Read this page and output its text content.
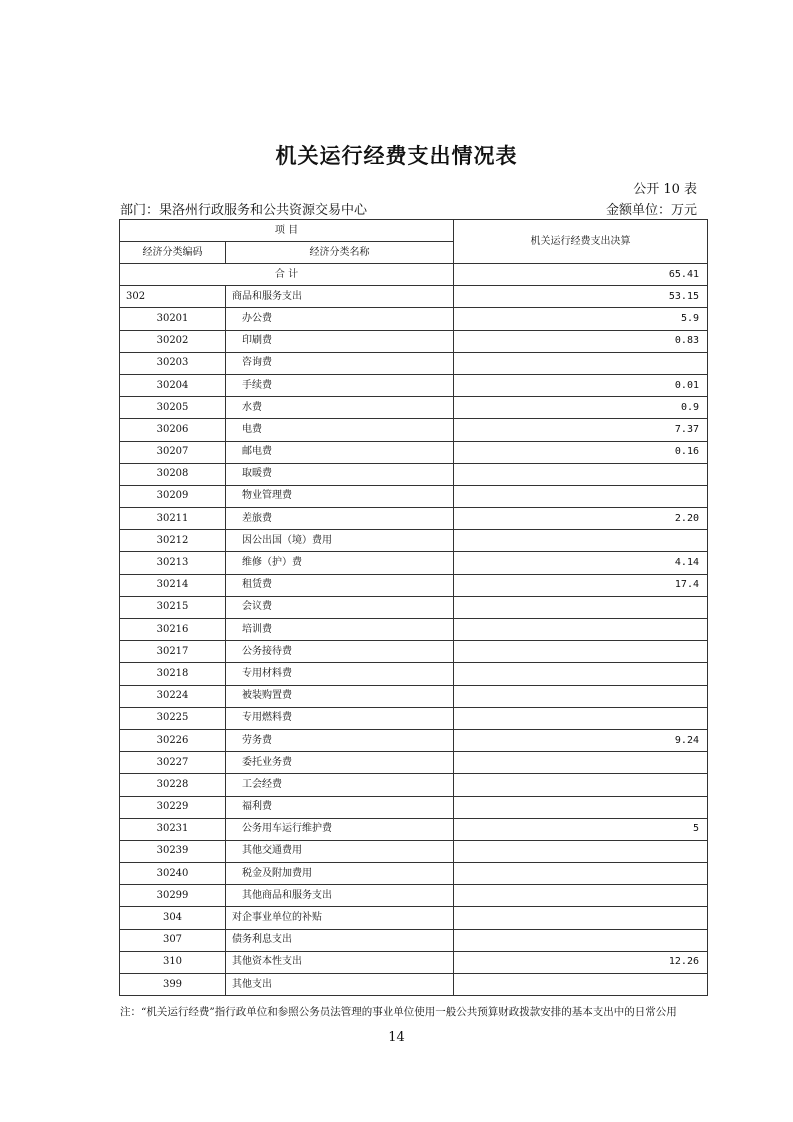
机关运行经费支出情况表
公开 10 表
部门：果洛州行政服务和公共资源交易中心	金额单位：万元
项 目		机关运行经费支出决算
经济分类编码	经济分类名称	
合 计		65.41
302	商品和服务支出	53.15
30201	办公费	5.9
30202	印刷费	0.83
30203	咨询费	
30204	手续费	0.01
30205	水费	0.9
30206	电费	7.37
30207	邮电费	0.16
30208	取暖费	
30209	物业管理费	
30211	差旅费	2.20
30212	因公出国（境）费用	
30213	维修（护）费	4.14
30214	租赁费	17.4
30215	会议费	
30216	培训费	
30217	公务接待费	
30218	专用材料费	
30224	被装购置费	
30225	专用燃料费	
30226	劳务费	9.24
30227	委托业务费	
30228	工会经费	
30229	福利费	
30231	公务用车运行维护费	5
30239	其他交通费用	
30240	税金及附加费用	
30299	其他商品和服务支出	
304	对企事业单位的补贴	
307	债务利息支出	
310	其他资本性支出	12.26
399	其他支出	
注：“机关运行经费”指行政单位和参照公务员法管理的事业单位使用一般公共预算财政拨款安排的基本支出中的日常公用
14
